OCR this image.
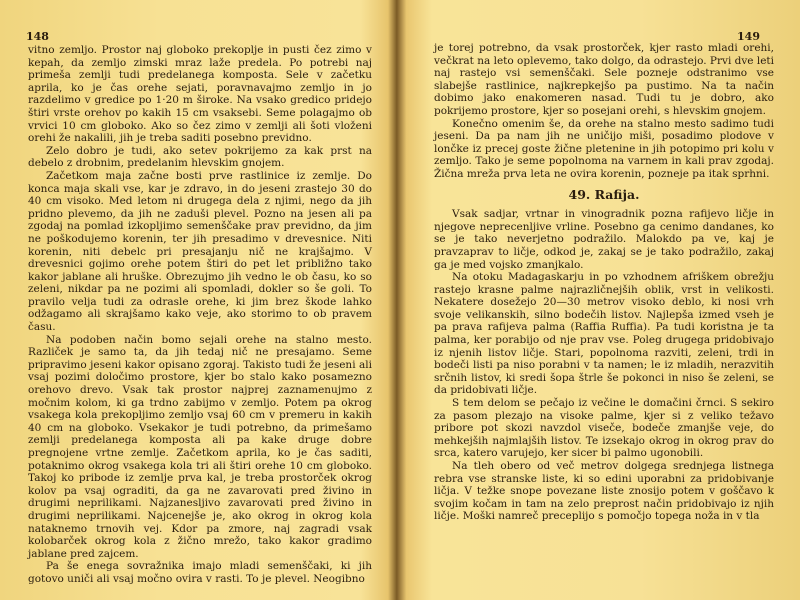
148

vitno zemljo. Prostor naj globoko prekoplje in pusti čez zimo v kepah, da zemljo zimski mraz laže predela. Po potrebi naj primeša zemlji tudi predelanega komposta. Sele v začetku aprila, ko je čas orehe sejati, poravnavajmo zemljo in jo razdelimo v gredice po 1·20 m široke. Na vsako gredico pridejo štiri vrste orehov po kakih 15 cm vsaksebi. Seme polagajmo ob vrvici 10 cm globoko. Ako so čez zimo v zemlji ali šoti vloženi orehi že nakalili, jih je treba saditi posebno previdno.

Zelo dobro je tudi, ako setev pokrijemo za kak prst na debelo z drobnim, predelanim hlevskim gnojem.

Začetkom maja začne bosti prve rastlinice iz zemlje. Do konca maja skali vse, kar je zdravo, in do jeseni zrastejo 30 do 40 cm visoko. Med letom ni drugega dela z njimi, nego da jih pridno plevemo, da jih ne zaduši plevel. Pozno na jesen ali pa zgodaj na pomlad izkopljimo semenščake prav previdno, da jim ne poškodujemo korenin, ter jih presadimo v drevesnice. Niti korenin, niti debelc pri presajanju nič ne krajšajmo. V drevesnici gojimo orehe potem štiri do pet let približno tako kakor jablane ali hruške. Obrezujmo jih vedno le ob času, ko so zeleni, nikdar pa ne pozimi ali spomladi, dokler so še goli. To pravilo velja tudi za odrasle orehe, ki jim brez škode lahko odžagamo ali skrajšamo kako veje, ako storimo to ob pravem času.

Na podoben način bomo sejali orehe na stalno mesto. Različek je samo ta, da jih tedaj nič ne presajamo. Seme pripravimo jeseni kakor opisano zgoraj. Takisto tudi že jeseni ali vsaj pozimi določimo prostore, kjer bo stalo kako posamezno orehovo drevo. Vsak tak prostor najprej zaznamenujmo z močnim kolom, ki ga trdno zabijmo v zemljo. Potem pa okrog vsakega kola prekopljimo zemljo vsaj 60 cm v premeru in kakih 40 cm na globoko. Vsekakor je tudi potrebno, da primešamo zemlji predelanega komposta ali pa kake druge dobre pregnojene vrtne zemlje. Začetkom aprila, ko je čas saditi, potaknimo okrog vsakega kola tri ali štiri orehe 10 cm globoko. Takoj ko pribode iz zemlje prva kal, je treba prostorček okrog kolov pa vsaj ograditi, da ga ne zavarovati pred živino in drugimi neprilikami. Najzanesljivo zavarovati pred živino in drugimi neprilikami. Najcenejše je, ako okrog in okrog kola nataknemo trnovih vej. Kdor pa zmore, naj zagradi vsak kolobarček okrog kola z žično mrežo, tako kakor gradimo jablane pred zajcem.

Pa še enega sovražnika imajo mladi semenščaki, ki jih gotovo uniči ali vsaj močno ovira v rasti. To je plevel. Neogibno

149

je torej potrebno, da vsak prostorček, kjer rasto mladi orehi, večkrat na leto oplevemo, tako dolgo, da odrastejo. Prvi dve leti naj rastejo vsi semenščaki. Sele pozneje odstranimo vse slabejše rastlinice, najkrepkejšo pa pustimo. Na ta način dobimo jako enakomeren nasad. Tudi tu je dobro, ako pokrijemo prostore, kjer so posejani orehi, s hlevskim gnojem.

Konečno omenim še, da orehe na stalno mesto sadimo tudi jeseni. Da pa nam jih ne uničijo miši, posadimo plodove v lončke iz precej goste žične pletenine in jih potopimo pri kolu v zemljo. Tako je seme popolnoma na varnem in kali prav zgodaj. Žična mreža prva leta ne ovira korenin, pozneje pa itak sprhni.

49. Rafija.

Vsak sadjar, vrtnar in vinogradnik pozna rafijevo ličje in njegove neprecenljive vrline. Posebno ga cenimo dandanes, ko se je tako neverjetno podražilo. Malokdo pa ve, kaj je pravzaprav to ličje, odkod je, zakaj se je tako podražilo, zakaj ga je med vojsko zmanjkalo.

Na otoku Madagaskarju in po vzhodnem afriškem obrežju rastejo krasne palme najrazličnejših oblik, vrst in velikosti. Nekatere dosežejo 20—30 metrov visoko deblo, ki nosi vrh svoje velikanskih, silno bodečih listov. Najlepša izmed vseh je pa prava rafijeva palma (Raffia Ruffia). Pa tudi koristna je ta palma, ker porabijo od nje prav vse. Poleg drugega pridobivajo iz njenih listov ličje. Stari, popolnoma razviti, zeleni, trdi in bodeči listi pa niso porabni v ta namen; le iz mladih, nerazvitih srčnih listov, ki sredi šopa štrle še pokonci in niso še zeleni, se da pridobivati ličje.

S tem delom se pečajo iz večine le domačini črnci. S sekiro za pasom plezajo na visoke palme, kjer si z veliko težavo pribore pot skozi navzdol viseče, bodeče zmanjše veje, do mehkejših najmlajših listov. Te izsekajo okrog in okrog prav do srca, katero varujejo, ker sicer bi palmo ugonobili.

Na tleh obero od več metrov dolgega srednjega listnega rebra vse stranske liste, ki so edini uporabni za pridobivanje ličja. V težke snope povezane liste znosijo potem v goščavo k svojim kočam in tam na zelo preprost način pridobivajo iz njih ličje. Moški namreč preceplijo s pomočjo topega noža in v tla
